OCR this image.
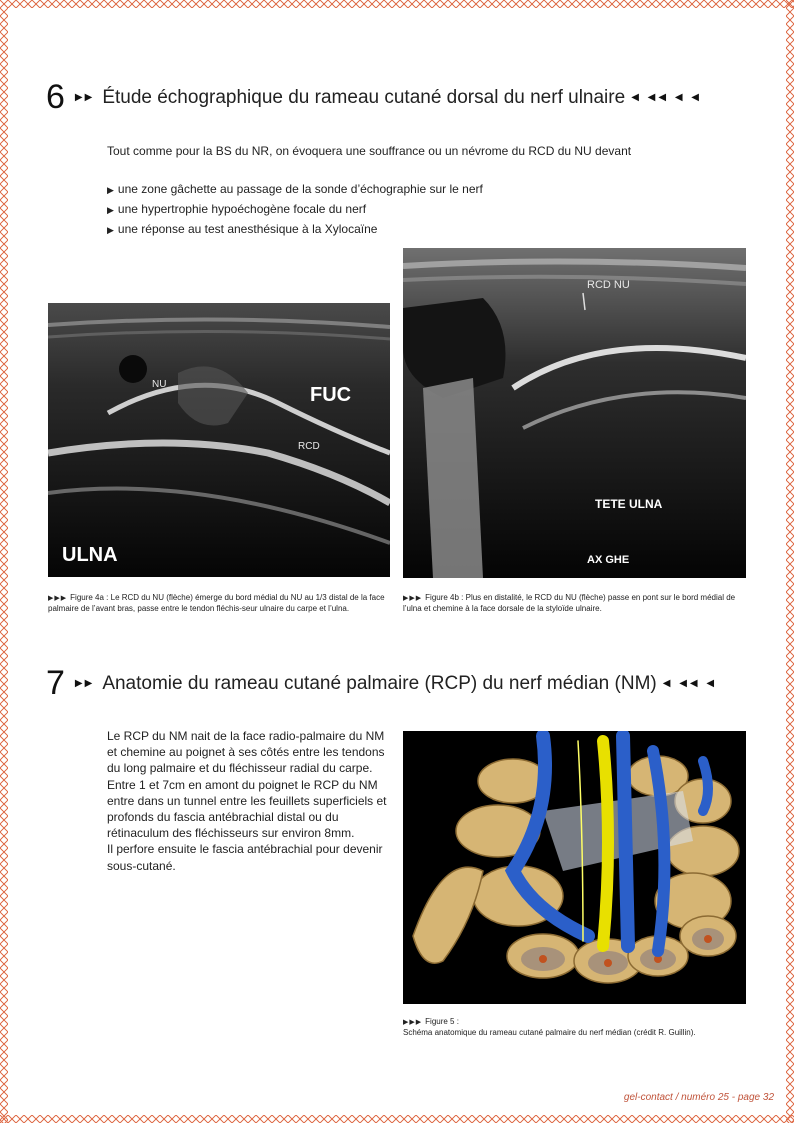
6 ▶▶ Étude échographique du rameau cutané dorsal du nerf ulnaire ◀ ◀◀ ◀ ◀
Tout comme pour la BS du NR, on évoquera une souffrance ou un névrome du RCD du NU devant
▶ une zone gâchette au passage de la sonde d’échographie sur le nerf
▶ une hypertrophie hypoéchogène focale du nerf
▶ une réponse au test anesthésique à la Xylocaïne
NU	FUC
RCD
ULNA
▶▶▶ Figure 4a : Le RCD du NU (flèche) émerge du bord médial du NU au 1/3 distal de la face palmaire de l’avant bras, passe entre le tendon fléchis-seur ulnaire du carpe et l’ulna.
RCD NU
TETE ULNA
AX GHE
▶▶▶ Figure 4b : Plus en distalité, le RCD du NU (flèche) passe en pont sur le bord médial de l’ulna et chemine à la face dorsale de la styloïde ulnaire.
7 ▶▶ Anatomie du rameau cutané palmaire (RCP) du nerf médian (NM) ◀ ◀◀ ◀

Le RCP du NM nait de la face radio-palmaire du NM et chemine au poignet à ses côtés entre les tendons du long palmaire et du fléchisseur radial du carpe.

Entre 1 et 7cm en amont du poignet le RCP du NM entre dans un tunnel entre les feuillets superficiels et profonds du fascia antébrachial distal ou du rétinaculum des fléchisseurs sur environ 8mm.

Il perfore ensuite le fascia antébrachial pour devenir sous-cutané.

▶▶▶ Figure 5 :
Schéma anatomique du rameau cutané palmaire du nerf médian (crédit R. Guillin).
gel-contact / numéro 25 - page 32
